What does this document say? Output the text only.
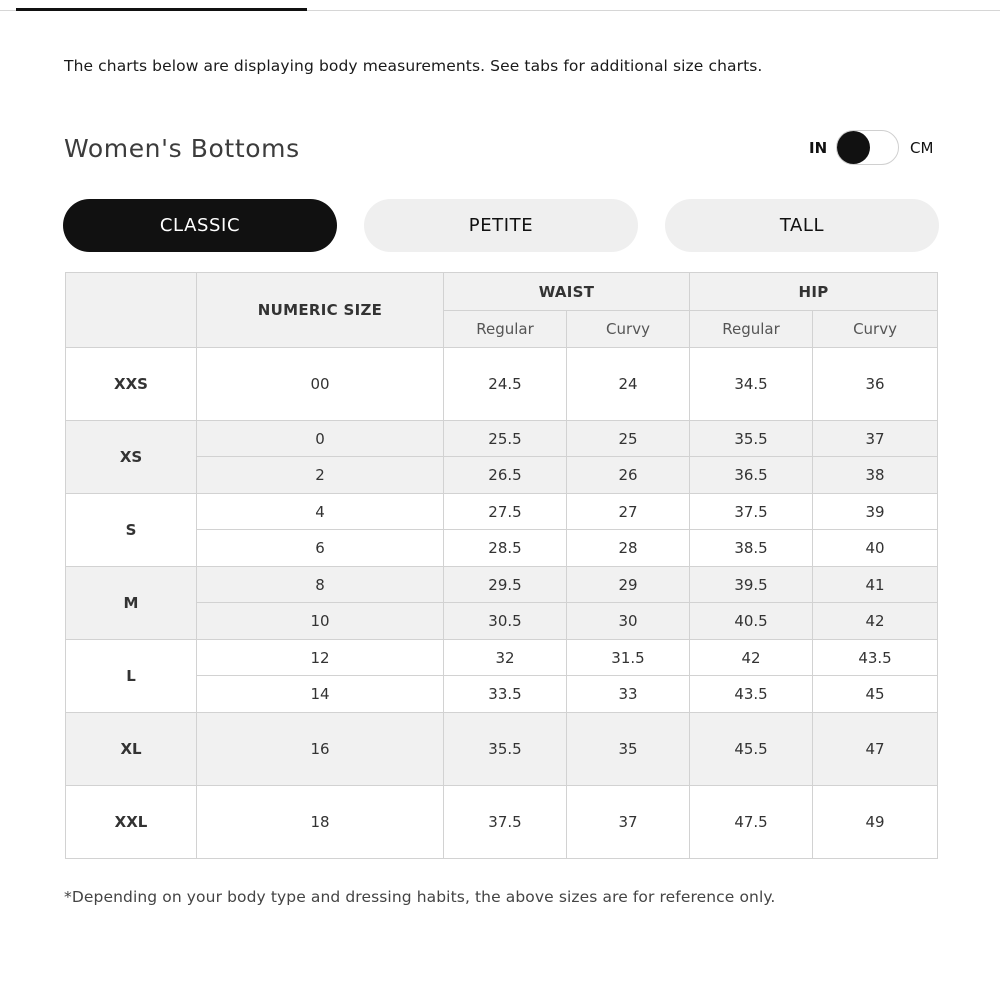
The charts below are displaying body measurements. See tabs for additional size charts.
Women's Bottoms	IN	CM
CLASSIC	PETITE	TALL
	NUMERIC SIZE	WAIST		HIP	
		Regular	Curvy	Regular	Curvy
XXS	00	24.5	24	34.5	36
XS	0	25.5	25	35.5	37
	2	26.5	26	36.5	38
S	4	27.5	27	37.5	39
	6	28.5	28	38.5	40
M	8	29.5	29	39.5	41
	10	30.5	30	40.5	42
L	12	32	31.5	42	43.5
	14	33.5	33	43.5	45
XL	16	35.5	35	45.5	47
XXL	18	37.5	37	47.5	49
*Depending on your body type and dressing habits, the above sizes are for reference only.
